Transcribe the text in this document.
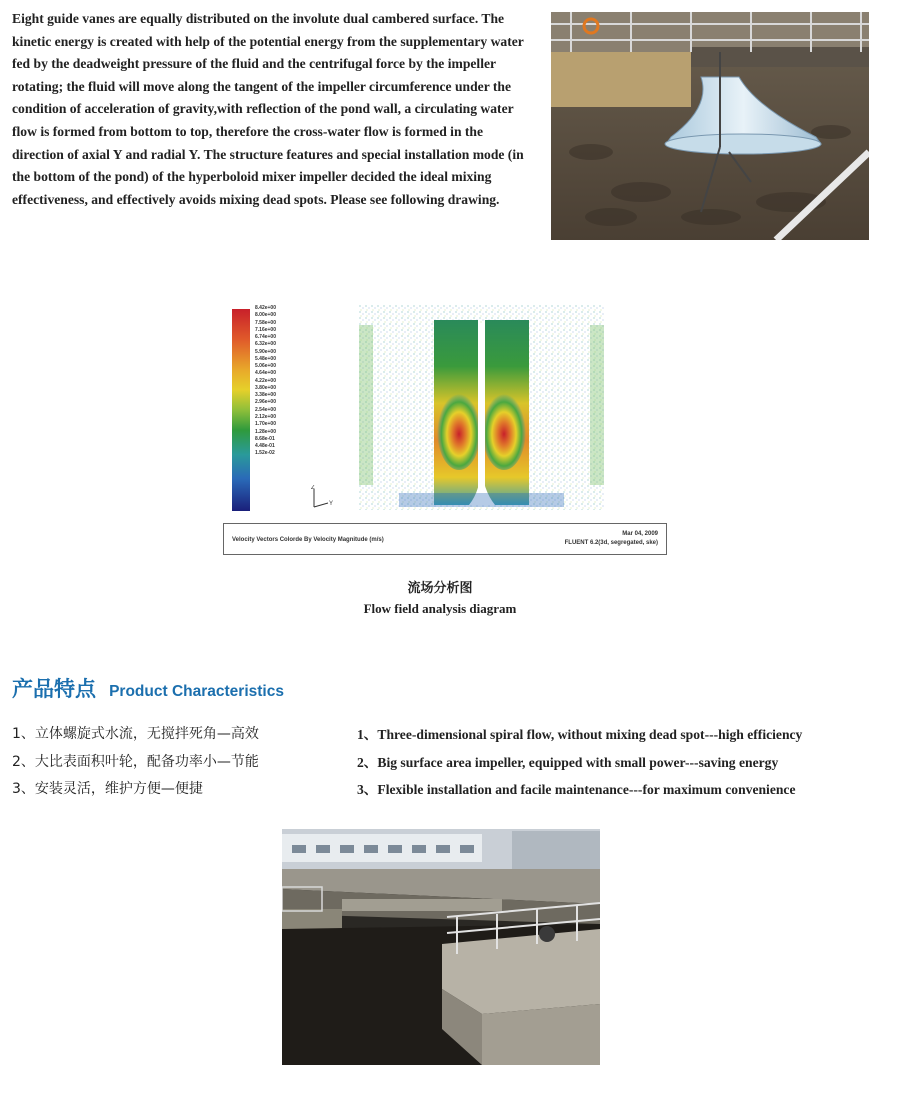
Eight guide vanes are equally distributed on the involute dual cambered surface. The kinetic energy is created with help of the potential energy from the supplementary water fed by the deadweight pressure of the fluid and the centrifugal force by the impeller rotating; the fluid will move along the tangent of the impeller circumference under the condition of acceleration of gravity,with reflection of the pond wall, a circulating water flow is formed from bottom to top, therefore the cross-water flow is formed in the direction of axial Y and radial Y. The structure features and special installation mode (in the bottom of the pond) of the hyperboloid mixer impeller decided the ideal mixing effectiveness, and effectively avoids mixing dead spots. Please see following drawing.

8.42e+00
8.00e+00
7.58e+00
7.16e+00
6.74e+00
6.32e+00
5.90e+00
5.48e+00
5.06e+00
4.64e+00
4.22e+00
3.80e+00
3.38e+00
2.96e+00
2.54e+00
2.12e+00
1.70e+00
1.28e+00
8.68e-01
4.48e-01
1.52e-02
Z
Y
Velocity Vectors Colorde By Velocity Magnitude (m/s)
Mar 04, 2009
FLUENT 6.2(3d, segregated, ske)
流场分析图
Flow field analysis diagram
产品特点 Product Characteristics
1、立体螺旋式水流，无搅拌死角—高效
2、大比表面积叶轮，配备功率小—节能
3、安装灵活，维护方便—便捷
1、Three-dimensional spiral flow, without mixing dead spot---high efficiency
2、Big surface area impeller, equipped with small power---saving energy
3、Flexible installation and facile maintenance---for maximum convenience
